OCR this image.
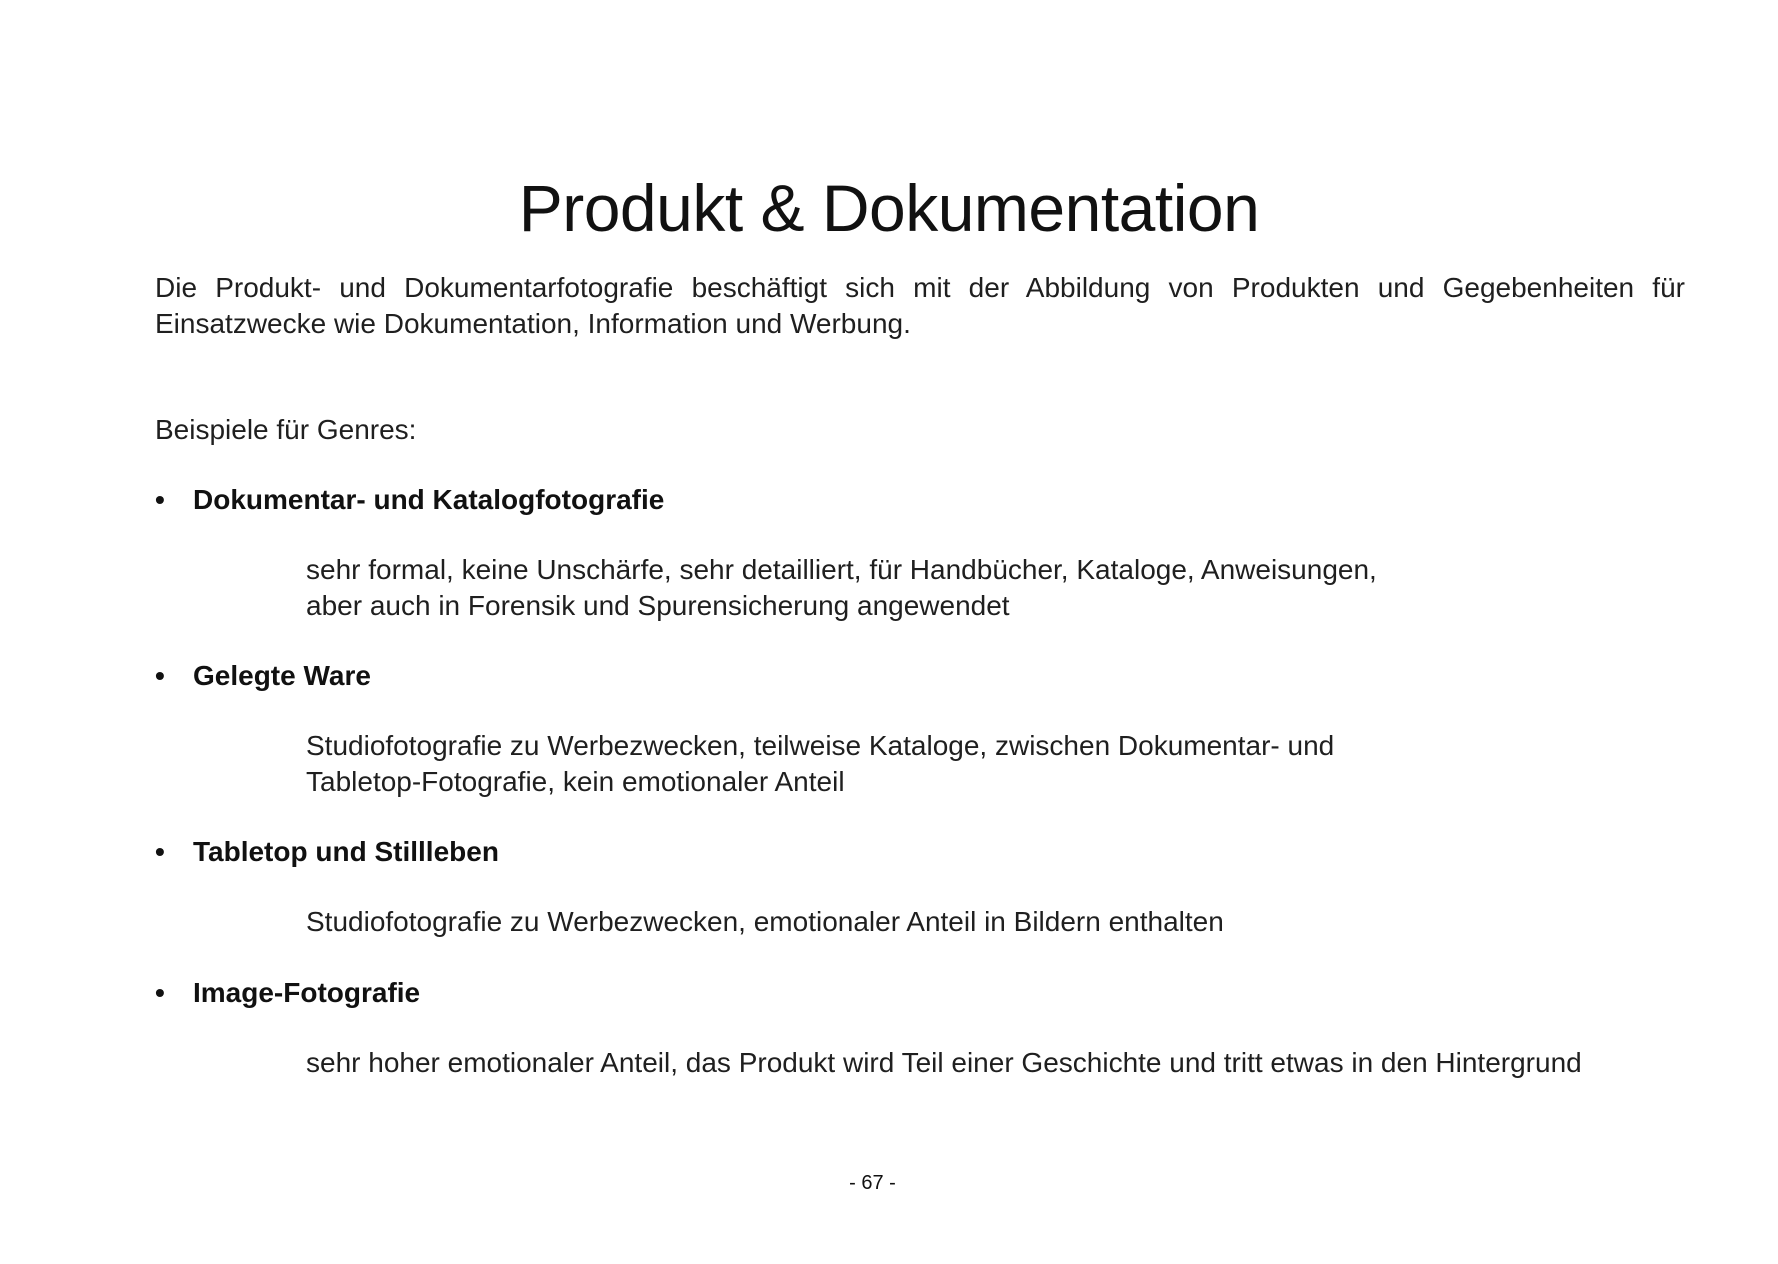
Produkt & Dokumentation

Die Produkt- und Dokumentarfotografie beschäftigt sich mit der Abbildung von Produkten und Gegebenheiten für Einsatzwecke wie Dokumentation, Information und Werbung.

Beispiele für Genres:

•	Dokumentar- und Katalogfotografie
sehr formal, keine Unschärfe, sehr detailliert, für Handbücher, Kataloge, Anweisungen,
aber auch in Forensik und Spurensicherung angewendet
•	Gelegte Ware
Studiofotografie zu Werbezwecken, teilweise Kataloge, zwischen Dokumentar- und
Tabletop-Fotografie, kein emotionaler Anteil
•	Tabletop und Stillleben
Studiofotografie zu Werbezwecken, emotionaler Anteil in Bildern enthalten
•	Image-Fotografie
sehr hoher emotionaler Anteil, das Produkt wird Teil einer Geschichte und tritt etwas in den Hintergrund
- 67 -
